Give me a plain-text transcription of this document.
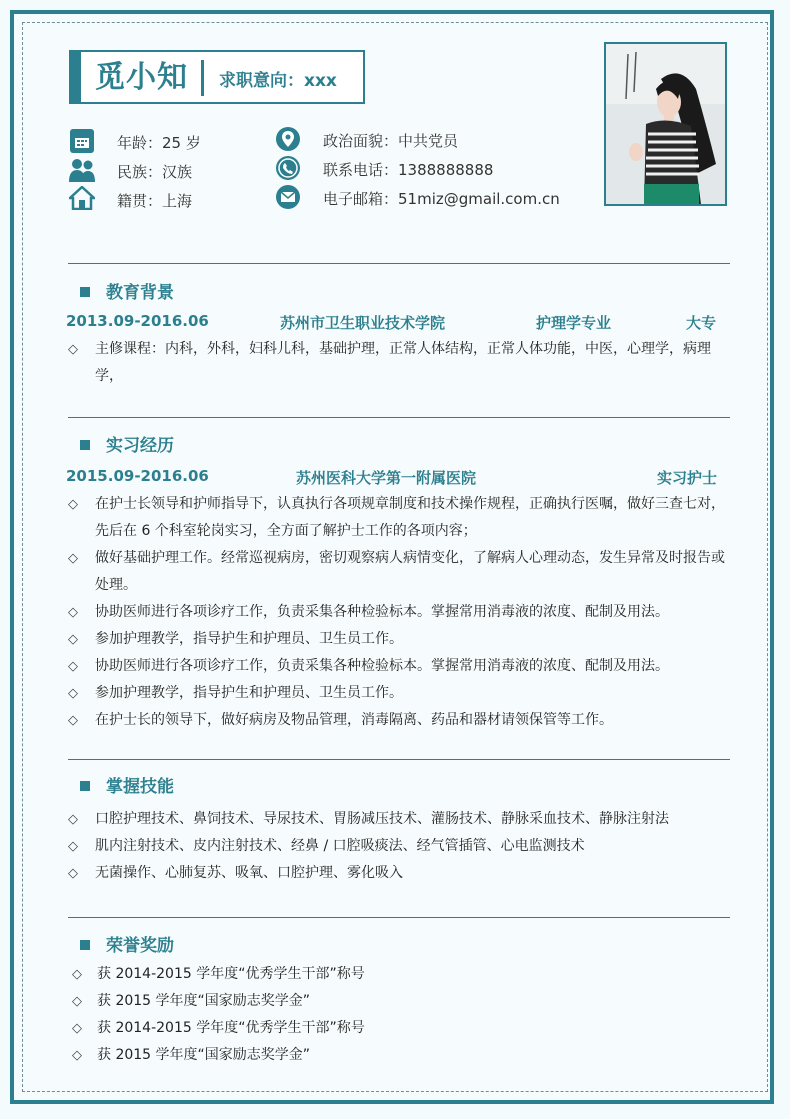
觅小知 求职意向：xxx
年龄：25 岁
民族：汉族
籍贯：上海
政治面貌：中共党员
联系电话：1388888888
电子邮箱：51miz@gmail.com.cn
教育背景
2013.09-2016.06	苏州市卫生职业技术学院	护理学专业	大专
◇ 主修课程：内科，外科，妇科儿科，基础护理，正常人体结构，正常人体功能，中医，心理学，病理学，
实习经历
2015.09-2016.06	苏州医科大学第一附属医院	实习护士
◇ 在护士长领导和护师指导下，认真执行各项规章制度和技术操作规程，正确执行医嘱，做好三查七对，先后在 6 个科室轮岗实习，全方面了解护士工作的各项内容；
◇ 做好基础护理工作。经常巡视病房，密切观察病人病情变化，了解病人心理动态，发生异常及时报告或处理。
◇ 协助医师进行各项诊疗工作，负责采集各种检验标本。掌握常用消毒液的浓度、配制及用法。
◇ 参加护理教学，指导护生和护理员、卫生员工作。
◇ 协助医师进行各项诊疗工作，负责采集各种检验标本。掌握常用消毒液的浓度、配制及用法。
◇ 参加护理教学，指导护生和护理员、卫生员工作。
◇ 在护士长的领导下，做好病房及物品管理，消毒隔离、药品和器材请领保管等工作。
掌握技能
◇ 口腔护理技术、鼻饲技术、导尿技术、胃肠减压技术、灌肠技术、静脉采血技术、静脉注射法
◇ 肌内注射技术、皮内注射技术、经鼻 / 口腔吸痰法、经气管插管、心电监测技术
◇ 无菌操作、心肺复苏、吸氧、口腔护理、雾化吸入
荣誉奖励
◇ 获 2014-2015 学年度“优秀学生干部”称号
◇ 获 2015 学年度“国家励志奖学金”
◇ 获 2014-2015 学年度“优秀学生干部”称号
◇ 获 2015 学年度“国家励志奖学金”
